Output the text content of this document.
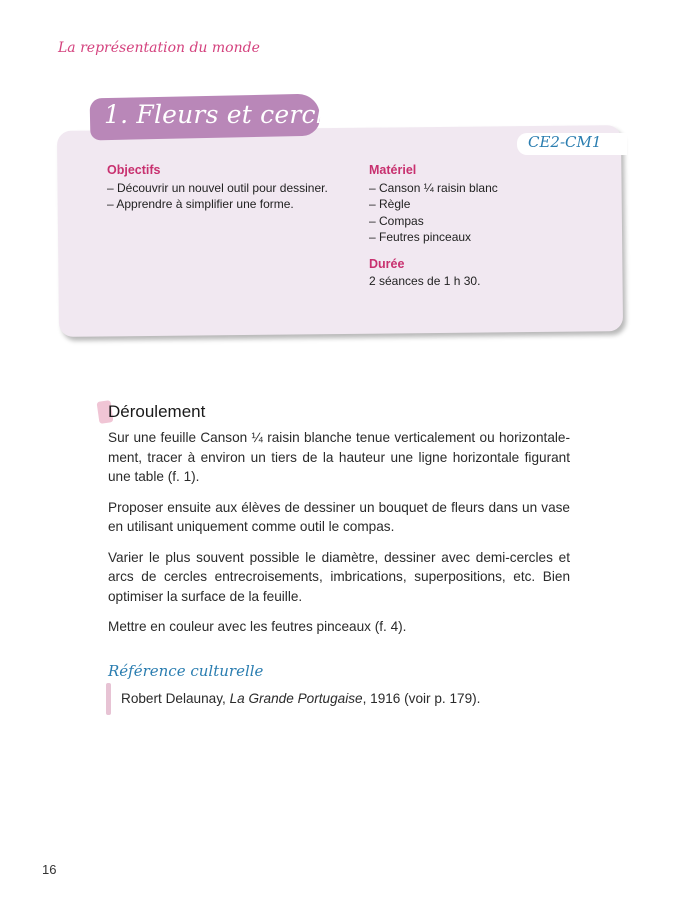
La représentation du monde
1. Fleurs et cercles
CE2-CM1
Objectifs
– Découvrir un nouvel outil pour dessiner.
– Apprendre à simplifier une forme.
Matériel
– Canson ¼ raisin blanc
– Règle
– Compas
– Feutres pinceaux
Durée
2 séances de 1 h 30.
Déroulement

Sur une feuille Canson ¼ raisin blanche tenue verticalement ou horizontale-ment, tracer à environ un tiers de la hauteur une ligne horizontale figurant une table (f. 1).

Proposer ensuite aux élèves de dessiner un bouquet de fleurs dans un vase en utilisant uniquement comme outil le compas.

Varier le plus souvent possible le diamètre, dessiner avec demi-cercles et arcs de cercles entrecroisements, imbrications, superpositions, etc. Bien optimiser la surface de la feuille.

Mettre en couleur avec les feutres pinceaux (f. 4).

Référence culturelle
Robert Delaunay, La Grande Portugaise, 1916 (voir p. 179).
16
